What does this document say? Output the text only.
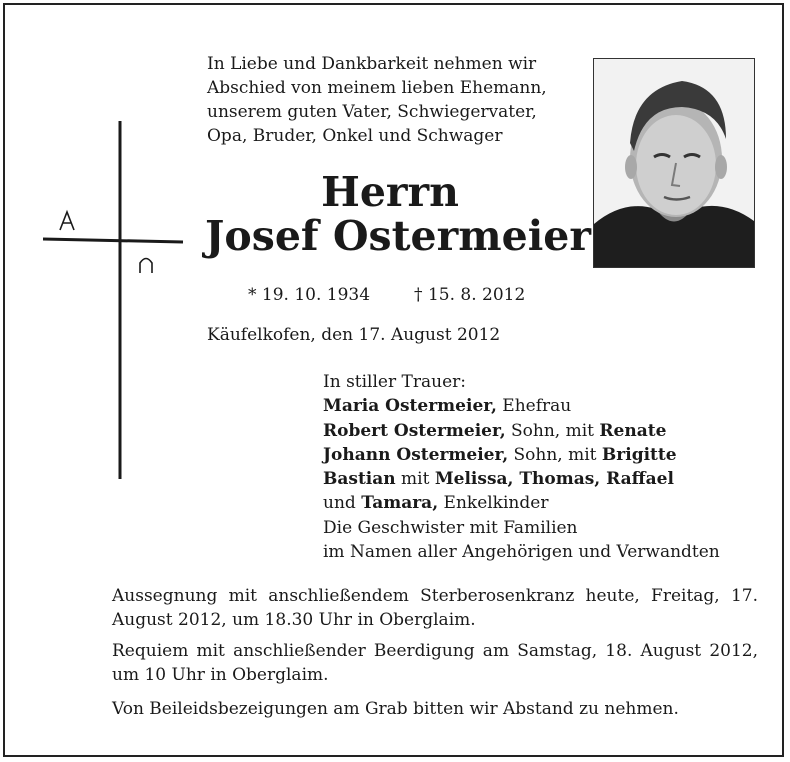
In Liebe und Dankbarkeit nehmen wir
Abschied von meinem lieben Ehemann,
unserem guten Vater, Schwiegervater,
Opa, Bruder, Onkel und Schwager
Herrn
Josef Ostermeier
* 19. 10. 1934	† 15. 8. 2012
Käufelkofen, den 17. August 2012
In stiller Trauer:
Maria Ostermeier, Ehefrau
Robert Ostermeier, Sohn, mit Renate
Johann Ostermeier, Sohn, mit Brigitte
Bastian mit Melissa, Thomas, Raffael
und Tamara, Enkelkinder
Die Geschwister mit Familien
im Namen aller Angehörigen und Verwandten

Aussegnung mit anschließendem Sterberosenkranz heute, Freitag, 17. August 2012, um 18.30 Uhr in Oberglaim.

Requiem mit anschließender Beerdigung am Samstag, 18. August 2012, um 10 Uhr in Oberglaim.

Von Beileidsbezeigungen am Grab bitten wir Abstand zu nehmen.
